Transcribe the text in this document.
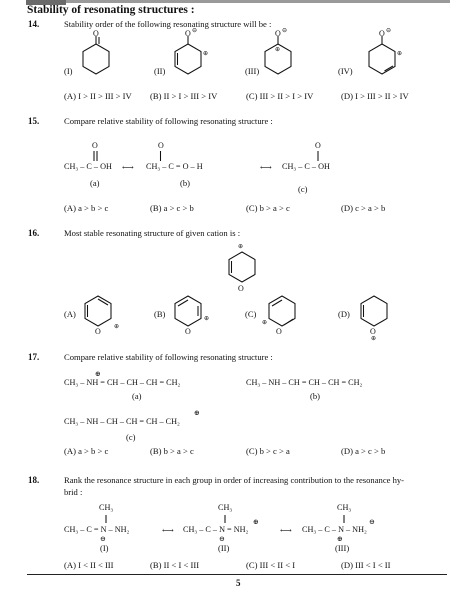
Stability of resonating structures :
14.	Stability order of the following resonating structure will be :
(I)	(II)	(III)	(IV)
O	O ⊖
⊕
O ⊖
⊕
O ⊖
⊕
(A) I > II > III > IV (B) II > I > III > IV	(C) III > II > I > IV	(D) I > III > II > IV
15.	Compare relative stability of following resonating structure :
O	O	O
CH₃ – C – OH ⟷ CH₃ – C = O – H	⟷ CH₃ – C – OH
(a)	(b)
(c)
(A) a > b > c	(B) a > c > b	(C) b > a > c	(D) c > a > b
16.	Most stable resonating structure of given cation is :
⊕
O
(A)	(B)	(C)	(D)
O ⊕	O
⊕
⊕
O	O
⊕
17.	Compare relative stability of following resonating structure :
⊕
CH₃ – NH = CH – CH – CH = CH₂	CH₃ – NH – CH = CH – CH = CH₂
(a)	(b)
⊕
CH₃ – NH – CH – CH = CH – CH₂
(c)
(A) a > b > c	(B) b > a > c	(C) b > c > a	(D) a > c > b
18.	Rank the resonance structure in each group in order of increasing contribution to the resonance hy-
brid :
CH₃	CH₃	CH₃
CH₃ – C = N – NH₂	⟷ CH₃ – C – N = NH₂	⟷ CH₃ – C – N – NH₂
⊖	⊖
⊕
⊕
⊖
(I)	(II)	(III)
(A) I < II < III	(B) II < I < III	(C) III < II < I	(D) III < I < II
5
